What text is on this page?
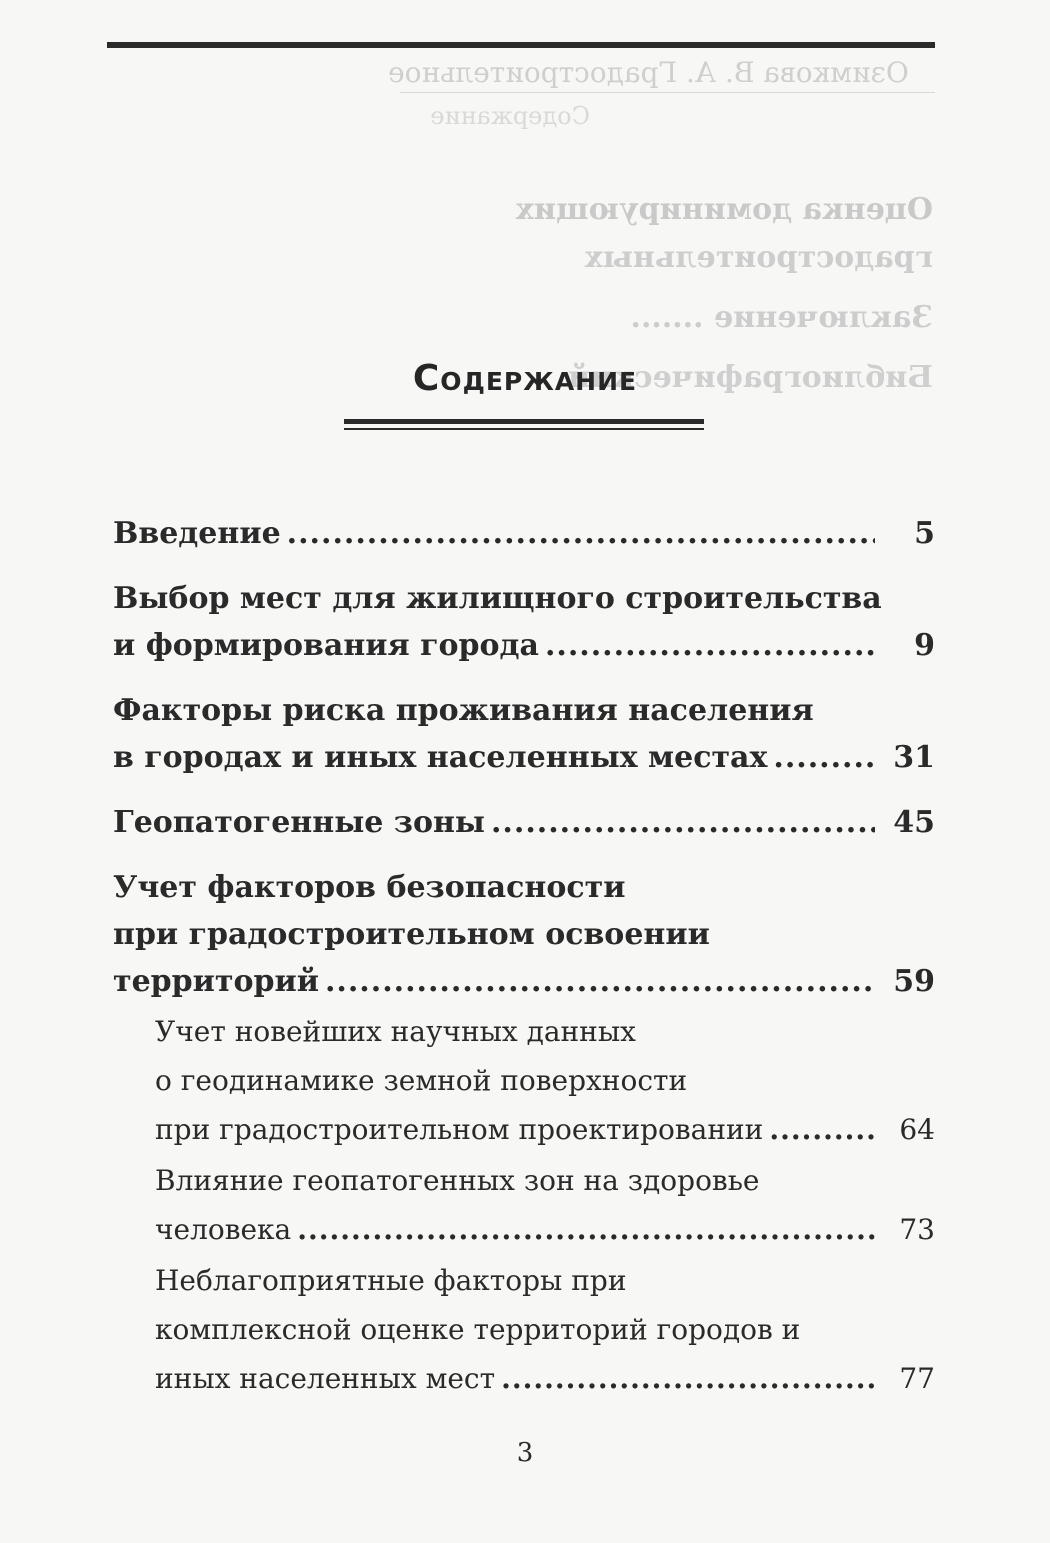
Озимкова В. А. Градостроительное
Содержание
Оценка доминирующих
градостроительных
Заключение .......
Библиографический
Содержание
Введение .....	5
Выбор мест для жилищного строительства
и формирования города .....	9
Факторы риска проживания населения
в городах и иных населенных местах .....	31
Геопатогенные зоны .....	45
Учет факторов безопасности
при градостроительном освоении
территорий .....	59
Учет новейших научных данных
о геодинамике земной поверхности
при градостроительном проектировании .....	64
Влияние геопатогенных зон на здоровье
человека .....	73
Неблагоприятные факторы при
комплексной оценке территорий городов и
иных населенных мест .....	77
3
